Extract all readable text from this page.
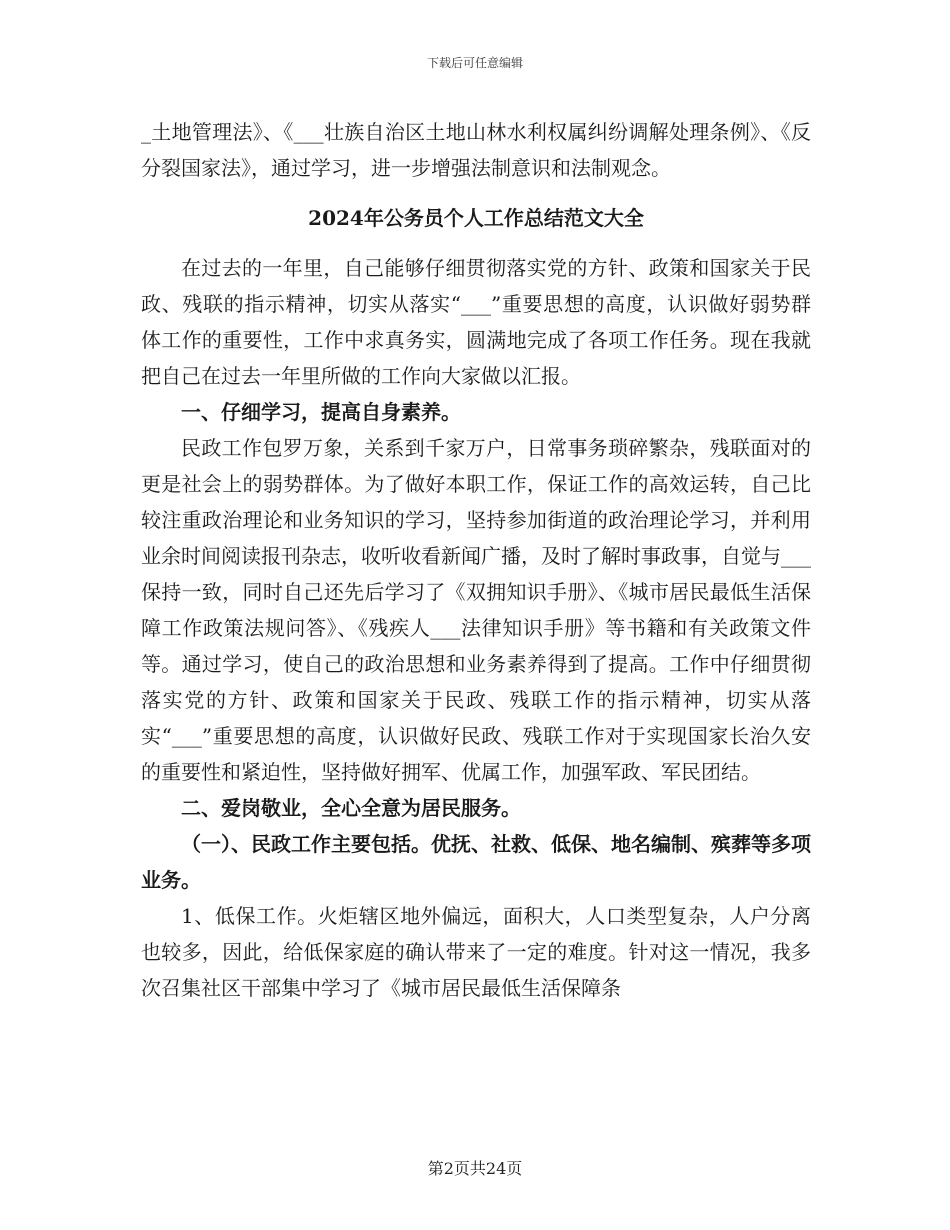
下载后可任意编辑

_土地管理法》、《___壮族自治区土地山林水利权属纠纷调解处理条例》、《反分裂国家法》，通过学习，进一步增强法制意识和法制观念。

2024年公务员个人工作总结范文大全

在过去的一年里，自己能够仔细贯彻落实党的方针、政策和国家关于民政、残联的指示精神，切实从落实“___”重要思想的高度，认识做好弱势群体工作的重要性，工作中求真务实，圆满地完成了各项工作任务。现在我就把自己在过去一年里所做的工作向大家做以汇报。

一、仔细学习，提高自身素养。

民政工作包罗万象，关系到千家万户，日常事务琐碎繁杂，残联面对的更是社会上的弱势群体。为了做好本职工作，保证工作的高效运转，自己比较注重政治理论和业务知识的学习，坚持参加街道的政治理论学习，并利用业余时间阅读报刊杂志，收听收看新闻广播，及时了解时事政事，自觉与___保持一致，同时自己还先后学习了《双拥知识手册》、《城市居民最低生活保障工作政策法规问答》、《残疾人___法律知识手册》等书籍和有关政策文件等。通过学习，使自己的政治思想和业务素养得到了提高。工作中仔细贯彻落实党的方针、政策和国家关于民政、残联工作的指示精神，切实从落实“___”重要思想的高度，认识做好民政、残联工作对于实现国家长治久安的重要性和紧迫性，坚持做好拥军、优属工作，加强军政、军民团结。

二、爱岗敬业，全心全意为居民服务。

（一）、民政工作主要包括。优抚、社救、低保、地名编制、殡葬等多项业务。

1、低保工作。火炬辖区地外偏远，面积大，人口类型复杂，人户分离也较多，因此，给低保家庭的确认带来了一定的难度。针对这一情况，我多次召集社区干部集中学习了《城市居民最低生活保障条

第2页共24页
